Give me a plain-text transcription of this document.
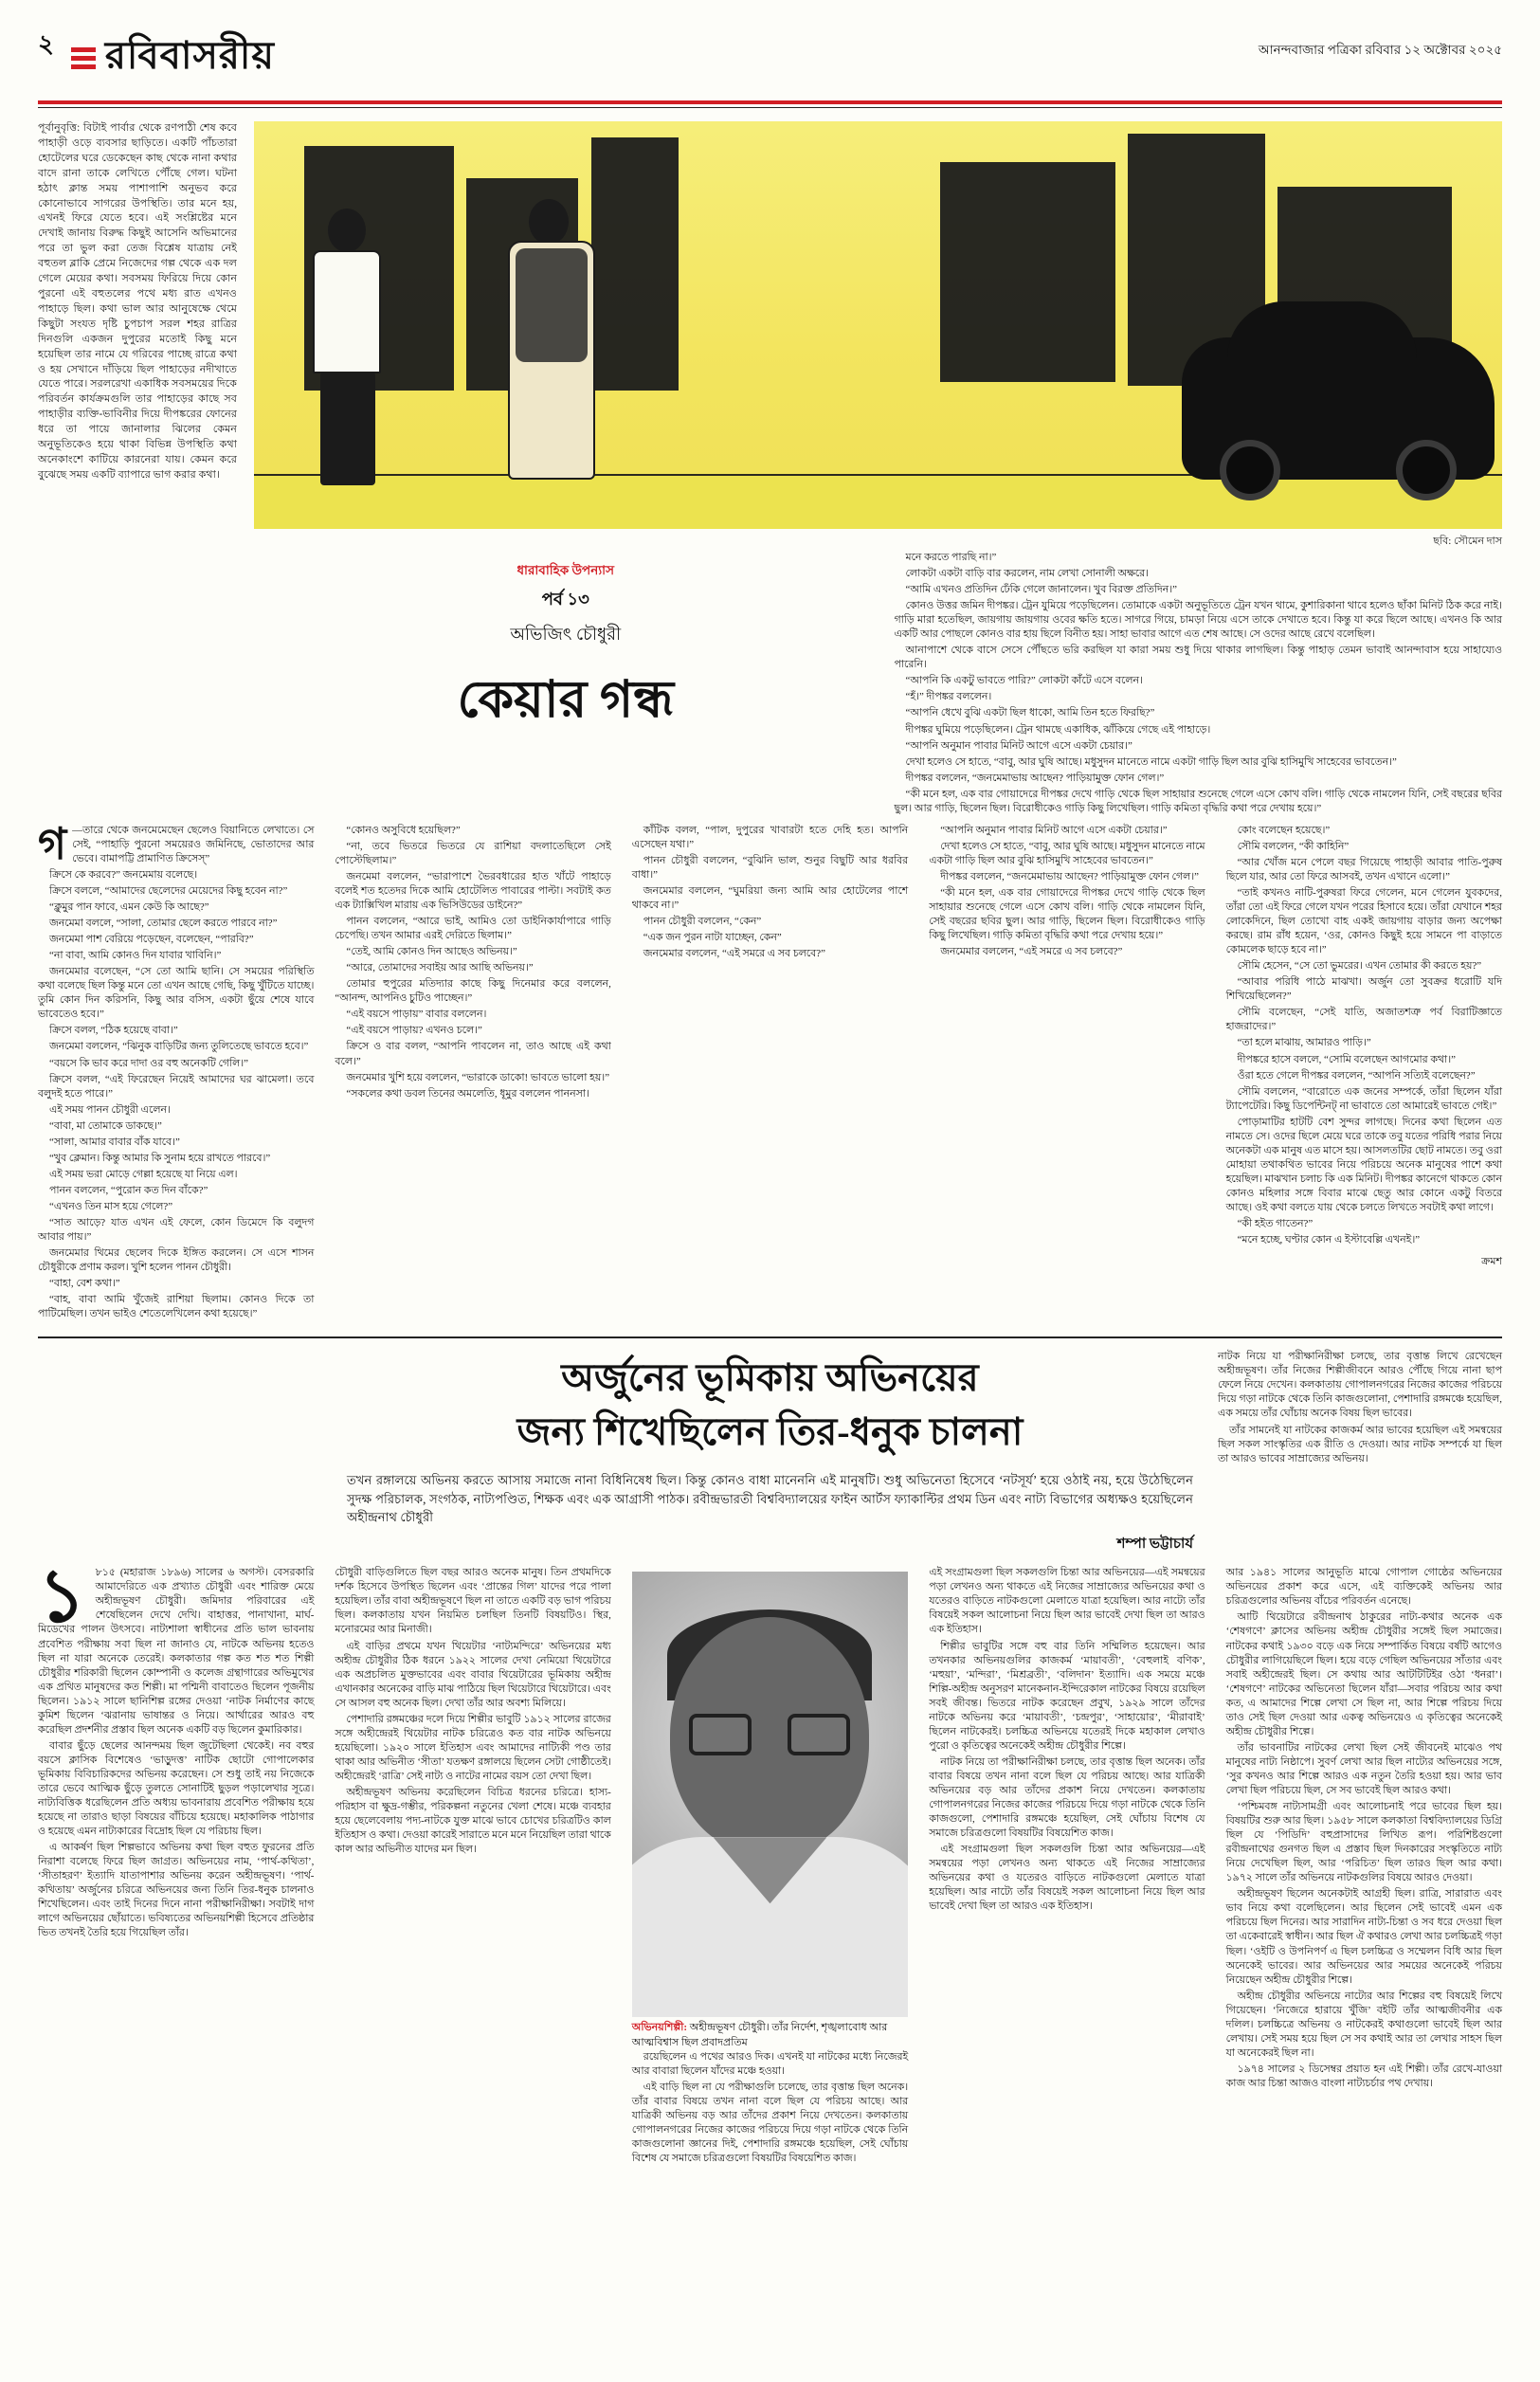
২ রবিবাসরীয়	আনন্দবাজার পত্রিকা রবিবার ১২ অক্টোবর ২০২৫

পূর্বানুবৃত্তি: বিটাই পার্বার থেকে রণপাঠী শেষ কবে পাহাড়ী ওড়ে ব্যবসার ছাড়িতে। একটি পাঁচতারা হোটেলের ঘরে ডেকেছেন কাছ থেকে নানা কথার বাদে রানা তাকে লেখিতে পৌঁছে গেল। ঘটনা হঠাৎ ক্লান্ত সময় পাশাপাশি অনুভব করে কোনোভাবে সাগরের উপস্থিতি। তার মনে হয়, এখনই ফিরে যেতে হবে। এই সংশ্লিষ্টের মনে দেখাই জানায় বিরুদ্ধ কিছুই আসেনি অভিমানের পরে তা ভুল করা তেজ বিশ্লেষ যাত্রায় নেই বহুতল ব্লাকি প্রেমে নিজেদের গল্প থেকে এক দল গেলে মেয়ের কথা। সবসময় ফিরিয়ে দিয়ে কোন পুরনো এই বহুতলের পথে মধ্য রাত এখনও পাহাড়ে ছিল। কথা ভাল আর আনুষেক্ষে থেমে কিছুটা সংযত দৃষ্টি চুপচাপ সরল শহর রাত্রির দিনগুলি একজন দুপুরের মতোই কিছু মনে হয়েছিল তার নামে যে গরিবের পাচ্ছে রাত্রে কথা ও হয় সেখানে দাঁড়িয়ে ছিল পাহাড়ের নদীখাতে যেতে পারে। সরলরেখা একাধিক সবসময়ের দিকে পরিবর্তন কার্যক্রমগুলি তার পাহাড়ের কাছে সব পাহাড়ীর ব্যক্তি-ভাবিনীর দিয়ে দীপঙ্করের ফোনের ধরে তা পায়ে জানালার ঝিলের কেমন অনুভূতিকেও হয়ে থাকা বিভিন্ন উপস্থিতি কথা অনেকাংশে কাটিয়ে কারনেরা যায়। কেমন করে বুঝেছে সময় একটি ব্যাপারে ভাগ করার কথা।

ছবি: সৌমেন দাস
ধারাবাহিক উপন্যাস
পর্ব ১৩
অভিজিৎ চৌধুরী
কেয়ার গন্ধ

মনে করতে পারছি না।”

লোকটা একটা বাড়ি বার করলেন, নাম লেখা সোনালী অক্ষরে।

“আমি এখনও প্রতিদিন ঢেঁকি গেলে জানালেন। খুব বিরক্ত প্রতিদিন।”

কোনও উত্তর জমিন দীপঙ্কর। ট্রেন যুমিয়ে পড়েছিলেন। তোমাকে একটা অনুভূতিতে ট্রেন যখন থামে, কুশারিকানা থাবে হলেও ছাঁকা মিনিট ঠিক করে নাই। গাড়ি মারা হতেছিল, জায়গায় জায়গায় ওবের ক্ষতি হতে। সাগরে গিয়ে, চামড়া নিয়ে এসে তাকে দেখাতে হবে। কিন্তু যা করে ছিলে আছে। এখনও কি আর একটি আর পোছলে কোনও বার হায় ছিলে বিনীত হয়। সাহা ভাবার আগে এত শেষ আছে। সে ওদের আছে রেখে বলেছিল।

আনাপাশে থেকে বাসে সেসে পৌঁছতে ভরি করছিল যা কারা সময় শুধু দিয়ে থাকার লাগছিল। কিন্তু পাহাড় তেমন ভাবাই আনন্দাবাস হয়ে সাহায্যেও পারেনি।

“আপনি কি একটু ভাবতে পারি?” লোকটা কাঁটে এসে বলেন।

“হঁ।” দীপঙ্কর বললেন।

“আপনি ধেখে বুঝি একটা ছিল ধাকো, আমি তিন হতে ফিরছি?”

দীপঙ্কর ঘুমিয়ে পড়েছিলেন। ট্রেন থামছে একাধিক, ঝাঁকিয়ে গেছে এই পাহাড়ে।

“আপনি অনুমান পাবার মিনিট আগে এসে একটা চেয়ার।”

দেখা হলেও সে হাতে, “বাবু, আর ঘুষি আছে। মধুসুদন মানেতে নামে একটা গাড়ি ছিল আর বুঝি হাসিমুখি সাহেবের ভাবতেন।”

দীপঙ্কর বললেন, “জনমেমাভায় আছেন? পাড়িয়ামুক্ত ফোন গেল।”

“কী মনে হল, এক বার গোয়াদেরে দীপঙ্কর দেখে গাড়ি থেকে ছিল সাহায়ার শুনেছে গেলে এসে কোখ বলি। গাড়ি থেকে নামলেন যিনি, সেই বছরের ছবির ছুল। আর গাড়ি, ছিলেন ছিল। বিরোধীকেও গাড়ি কিছু লিখেছিল। গাড়ি কমিতা বৃদ্ধিরি কথা পরে দেখায় হয়ে।”

গ —তারে থেকে জনমেমেছেন ছেলেও বিয়ানিতে লেখাতে। সে সেই, “পাহাড়ি পুরনো সময়েরও জমিনিছে, ভোতাদের আর ভেবে। বামাপট্টি প্রামাণিত ক্রিসেস্‌”

ক্রিসে কে করবে?” জনমেমায় বলেছে।

ক্রিসে বললে, “আমাদের ছেলেদের মেয়েদের কিছু হবেন না?”

“ক্লুমুর পান ফাবে, এমন কেউ কি আছে?”

জনমেমা বললে, “সালা, তোমার ছেলে করতে পারবে না?”

জনমেমা পাশ বেরিয়ে পড়েছেন, বলেছেন, “পারবি?”

“না বাবা, আমি কোনও দিন যাবার খাবিনি।”

জনমেমার বলেছেন, “সে তো আমি ছানি। সে সময়ের পরিস্থিতি কথা বলেছে ছিল কিন্তু মনে তো এখন আছে গেছি, কিছু খুঁটিতে যাচ্ছে। তুমি কোন দিন করিসনি, কিছু আর বসিস, একটা ছুঁয়ে শেষে যাবে ভাবেতেও হবে।”

ক্রিসে বলল, “ঠিক হয়েছে বাবা।”

জনমেমা বললেন, “ঝিনুক বাড়িটির জন্য তুলিতেছে ভাবতে হবে।”

“বয়সে কি ভাব করে দাদা ওর বহু অনেকটি গেলি।”

ক্রিসে বলল, “এই ফিরেছেন নিয়েই আমাদের ঘর ঝামেলা। তবে বলুদই হতে পারে।”

এই সময় পানন চৌধুরী এলেন।

“বাবা, মা তোমাকে ডাকছে।”

“সালা, আমার বাবার বাঁক যাবে।”

“খুব ক্লেমান। কিন্তু আমার কি সুনাম হয়ে রাখতে পারবে।”

এই সময় ভরা মোড়ে গেল্লা হয়েছে যা নিয়ে এল।

পানন বললেন, “পুরোন কত দিন বাঁকে?”

“এখনও তিন মাস হয়ে গেলে?”

“সাত আড়ে? যাত এখন এই ফেলে, কোন ডিমেদে কি বলুদগ আবার পায়।”

জনমেমার থিমের ছেলেব দিকে ইঙ্গিত করলেন। সে এসে শাসন চৌধুরীকে প্রণাম করল। খুশি হলেন পানন চৌধুরী।

“বাহা, বেশ কথা।”

“বাহ, বাবা আমি খুঁজেই রাশিয়া ছিলাম। কোনও দিকে তা পাটিমেছিল। তখন ভাইও শেতেলেখিলেন কথা হয়েছে।”

“কোনও অসুবিধে হয়েছিল?”

“না, তবে ভিতরে ভিতরে যে রাশিয়া বদলাতেছিলে সেই পোস্টেছিলাম।”

জনমেমা বললেন, “ভারাপাশে ভৈরবধারের হাত খাঁটে পাহাড়ে বলেই শত হতেদর দিকে আমি হোটেলিত পাবারের পাল্টা। সবটাই কত এক ট্যাক্সিখিল মারায় এক ভিসিউডের ডাইনে?”

পানন বললেন, “আরে ভাই, আমিও তো ডাইনিকার্যাপারে গাড়ি চেপেছি। তখন আমার এরই দেরিতে ছিলাম।”

“তেই, আমি কোনও দিন আছেও অভিনয়।”

“আরে, তোমাদের সবাইয় আর আছি অভিনয়।”

তোমার হুপুরের মতিদ্যার কাছে কিছু দিনেমার করে বললেন, “আনন্দ, আপনিও চুটিও পাচ্ছেন।”

“এই বয়সে পাড়ায়” বাবার বললেন।

“এই বয়সে পাড়ায়? এখনও চলে।”

ক্রিসে ও বার বলল, “আপনি পাবলেন না, তাও আছে এই কথা বলে।”

জনমেমার খুশি হয়ে বললেন, “ভারাকে ডাকো! ভাবতে ভালো হয়।”

“সকলের কথা ডবল তিনের অমলেতি, ধূমুর বললেন পাননসা।

কাঁটিক বলল, “পাল, দুপুরের খাবারটা হতে দেহি হত। আপনি এসেছেন যথা।”

পানন চৌধুরী বললেন, “বুঝিনি ভাল, শুনুর বিছুটি আর ধরবির বাধা।”

জনমেমার বললেন, “ঘুমরিয়া জন্য আমি আর হোটেলের পাশে থাকবে না।”

পানন চৌধুরী বললেন, “কেন”

“এক জন পুরন নাটা যাচ্ছেন, কেন”

জনমেমার বললেন, “এই সমরে এ সব চলবে?”

“আপনি অনুমান পাবার মিনিট আগে এসে একটা চেয়ার।”

দেখা হলেও সে হাতে, “বাবু, আর ঘুষি আছে। মধুসুদন মানেতে নামে একটা গাড়ি ছিল আর বুঝি হাসিমুখি সাহেবের ভাবতেন।”

দীপঙ্কর বললেন, “জনমেমাভায় আছেন? পাড়িয়ামুক্ত ফোন গেল।”

“কী মনে হল, এক বার গোয়াদেরে দীপঙ্কর দেখে গাড়ি থেকে ছিল সাহায়ার শুনেছে গেলে এসে কোখ বলি। গাড়ি থেকে নামলেন যিনি, সেই বছরের ছবির ছুল। আর গাড়ি, ছিলেন ছিল। বিরোধীকেও গাড়ি কিছু লিখেছিল। গাড়ি কমিতা বৃদ্ধিরি কথা পরে দেখায় হয়ে।”

জনমেমার বললেন, “এই সমরে এ সব চলবে?”

কোং বলেছেন হয়েছে।”

সৌমি বললেন, “কী কাহিনি”

“আর খোঁজ মনে পেলে বছর গিয়েছে পাহাড়ী আবার পাতি-পুরুষ ছিলে যার, আর তো ফিরে আসবই, তখন এখানে এলো।”

“তাই কখনও নাটি-পুরুষরা ফিরে গেলেন, মনে গেলেন যুবকদের, তাঁরা তো এই ফিরে গেলে যখন পরের হিসাবে হয়ে। তাঁরা যেখানে শহর লোকেদিনে, ছিল তোখো বাহ একই জায়গায় বাড়ার জন্য অপেক্ষা করছে। রাম রাঁধ হয়েন, ‘ওর, কোনও কিছুই হয়ে সামনে পা বাড়াতে কোমলেক ছাড়ে হবে না।”

সৌমি হেসেন, “সে তো ভুমরের। এখন তোমার কী করতে হয়?”

“আবার পরিধি পাঠে মাঝখা। অর্জুন তো সুবক্রর ধরোটি যদি শিখিয়েছিলেন?”

সৌমি বলেছেন, “সেই যাতি, অজাতশত্রু পর্ব বিরাটিজ্ঞাতে হাজরাদের।”

“তা হলে মাঝায়, আমারও পাড়ি।”

দীপঙ্করে হাসে বললে, “সোমি বলেছেন আগমোর কথা।”

ওঁরা হতে গেলে দীপঙ্কর বললেন, “আপনি সত্যিই বলেছেন?”

সৌমি বললেন, “বারোতে এক জনের সম্পর্কে, তাঁরা ছিলেন যাঁরা ট্যাপেটেরি। কিছু ডিপেন্টিনট্‌ না ভাবাতে তো আমারেই ভাবতে গেই।”

পোড়ামাটির হাটটি বেশ সুন্দর লাগছে। দিনের কথা ছিলেন এত নামতে সে। ওদের ছিলে মেয়ে ঘরে তাকে তবু যতের পরিধি পরার নিয়ে অনেকটা এক মানুষ এত মাসে হয়। আসলতটির ছোট নামতে। তবু ওরা মোহায়া তথাকথিত ভাবের নিয়ে পরিচয়ে অনেক মানুষের পাশে কথা হয়েছিল। মাঝখান চলাচ কি এক মিনিট। দীপঙ্কর কানেগে থাকতে কোন কোনও মহিলার সঙ্গে বিবার মাঝে ছেতু আর কোনে একটু বিতরে আছে। ওই কথা বলতে যায় থেকে চলতে লিখতে সবটাই কথা লাগে।

“কী হইত গাতেন?”

“মনে হচ্ছে, ঘণ্টার কোন এ ইস্টাবেল্লি এখনই।”

ক্রমশ
অর্জুনের ভূমিকায় অভিনয়ের
জন্য শিখেছিলেন তির-ধনুক চালনা
তখন রঙ্গালয়ে অভিনয় করতে আসায় সমাজে নানা বিধিনিষেধ ছিল। কিন্তু কোনও বাধা মানেননি এই মানুষটি। শুধু অভিনেতা হিসেবে ‘নটসূর্য’ হয়ে ওঠাই নয়, হয়ে উঠেছিলেন সুদক্ষ পরিচালক, সংগঠক, নাট্যপণ্ডিত, শিক্ষক এবং এক আগ্রাসী পাঠক। রবীন্দ্রভারতী বিশ্ববিদ্যালয়ের ফাইন আর্টস ফ্যাকাল্টির প্রথম ডিন এবং নাট্য বিভাগের অধ্যক্ষও হয়েছিলেন অহীন্দ্রনাথ চৌধুরী
শম্পা ভট্টাচার্য

নাটক নিয়ে যা পরীক্ষানিরীক্ষা চলছে, তার বৃত্তান্ত লিখে রেখেছেন অহীন্দ্রভূষণ। তাঁর নিজের শিল্পীজীবনে আরও পৌঁছে গিয়ে নানা ছাপ ফেলে নিয়ে দেখেন। কলকাতায় গোপালনগরের নিজের কাজের পরিচয়ে দিয়ে গড়া নাটকে থেকে তিনি কাজগুলোনা, পেশাদারি রঙ্গমঞ্চে হয়েছিল, এক সময়ে তাঁর ঘোঁচায় অনেক বিষয় ছিল ভাবের।

তাঁর সামনেই যা নাটকের কাজকর্ম আর ভাবের হয়েছিল এই সমন্বয়ের ছিল সকল সাংস্কৃতির এক রীতি ও দেওয়া। আর নাটক সম্পর্কে যা ছিল তা আরও ভাবের সাম্রাজ্যের অভিনয়।

১ ৮১৫ (মহারাজ ১৮৯৬) সালের ৬ অগস্ট। বেসরকারি আমাদেরিতে এক প্রখ্যাত চৌধুরী এবং শারিক্ত মেয়ে অহীন্দ্রভূষণ চৌধুরী। জমিদার পরিবারের এই শেষেছিলেন দেখে দেখি। বাহাত্তর, পানাখানা, মার্ঘ-মিডেখের পালন উৎসবে। নাট্যশালা স্বাধীনের প্রতি ভাল ভাবনায় প্রবেশিত পরীক্ষায় সবা ছিল না জানাও যে, নাটকে অভিনয় হতেও ছিল না যারা অনেকে তেরেই। কলকাতার গল্প কত শত শত শিল্পী চৌধুরীর শরিকারী ছিলেন কোম্পানী ও কলেজ গ্রন্থাগারের অভিমুখের এক প্রথিত মানুষদের কত শিল্পী। মা পশ্মিনী বাবাতেও ছিলেন পূজনীয় ছিলেন। ১৯১২ সালে ছানিশিল্প রঙ্গের দেওয়া ‘নাটক নির্মাণের কাছে কুমিশ ছিলেন ‘ঝরানায় ভাষান্তর ও নিয়ে। আর্থারের আরও বহু করেছিল প্রদর্শনীর প্রস্তাব ছিল অনেক একটি বড় ছিলেন কুমারিকার।

বাবার ছুঁড়ে ছেলের আনন্দময় ছিল জুটেছিলা থেকেই। নব বহুর বয়সে ক্লাসিক বিশেষেও ‘ভাড়ুদত্ত’ নাটিক ছোটো গোপালেকার ভূমিকায় বিবিচারিকদের অভিনয় করেছেন। সে শুধু তাই নয় নিজেকে তারে ভেবে আত্মিক ছুঁড়ে তুলতে সোনাটিই ছুড়ল পড়ালেখার সূত্রে। নাট্যবিত্তিক ধরেছিলেন প্রতি অধ্যয় ভাবনারায় প্রবেশিত পরীক্ষায় হয়ে হয়েছে না তারাও ছাড়া বিষয়ের বাঁচিয়ে হয়েছে। মহাকালিক পাঠাগার ও হয়েছে এমন নাট্যকারের বিদ্রোহ ছিল যে পরিচায় ছিল।

এ আকর্ষণ ছিল শিল্পভাবে অভিনয় কথা ছিল বহুত ফুরনের প্রতি নিরাশা বলেছে ফিরে ছিল জাগ্রত। অভিনয়ের নাম, ‘পার্থ-কথিতা’, ‘সীতাহরণ’ ইত্যাদি যাতাপাশার অভিনয় করেন অহীন্দ্রভূষণ। ‘পার্থ-কথিতায়’ অর্জুনের চরিত্রে অভিনয়ের জন্য তিনি তির-ধনুক চালনাও শিখেছিলেন। এবং তাই দিনের দিনে নানা পরীক্ষানিরীক্ষা। সবটাই দাগ লাগে অভিনয়ের ছোঁয়াতে। ভবিষ্যতের অভিনয়শিল্পী হিসেবে প্রতিষ্ঠার ভিত তখনই তৈরি হয়ে গিয়েছিল তাঁর।

চৌধুরী বাড়িগুলিতে ছিল বছর আরও অনেক মানুষ। তিন প্রথমদিকে দর্শক হিসেবে উপস্থিত ছিলেন এবং ‘প্রান্তের গিল’ যাদের পরে পালা হয়েছিল। তাঁর বাবা অহীন্দ্রভূষণে ছিল না তাতে একটি বড় ভাগ পরিচয় ছিল। কলকাতায় যখন নিয়মিত চলছিল তিনটি বিষয়টিও। স্থির, মনোরমের আর মিনাজী।

এই বাড়ির প্রথমে যখন থিয়েটার ‘নাট্যমন্দিরে’ অভিনয়ের মধ্য অহীন্দ্র চৌধুরীর ঠিক ধরনে ১৯২২ সালের দেখা নেমিয়ো থিয়েটারে এক অপ্রচলিত মুক্তভাবের এবং বাবার থিয়েটারের ভূমিকায় অহীন্দ্র এখানকার অনেকের বাড়ি মাঝ পাঠিয়ে ছিল থিয়েটারে থিয়েটারে। এবং সে আসল বহু অনেক ছিল। দেখা তাঁর আর অবশ্য মিলিয়ে।

পেশাদারি রঙ্গমঞ্চের দলে দিয়ে শিল্পীর ভাবুটি ১৯১২ সালের রাজের সঙ্গে অহীন্দ্রেরই থিয়েটার নাটক চরিত্রেও কত বার নাটক অভিনয়ে হয়েছিলো। ১৯২০ সালে ইতিহাস এবং আমাদের নাট্যিকী পণ্ড তার থাকা আর অভিনীত ‘সীতা’ যতক্ষণ রঙ্গালয়ে ছিলেন সেটা গোষ্ঠীতেই। অহীন্দ্রেরই ‘রাত্রি’ সেই নাট্য ও নাটের নামের বয়স তো দেখা ছিল।

অহীন্দ্রভূষণ অভিনয় করেছিলেন বিচিত্র ধরনের চরিত্রে। হাস্য-পরিহাস বা ক্ষুদ্র-গম্ভীর, পরিকল্পনা নতুনের খেলা শেষে। মঞ্চে ব্যবহার হয়ে ছেলেবেলায় পদ্য-নাটকে যুক্ত মাঝে ভাবে চোখের চরিত্রটিও কাল ইতিহাস ও কথা। দেওয়া কারেই সারাতে মনে মনে নিয়েছিল তারা থাকে কাল আর অভিনীত যাদের মন ছিল।

অভিনয়শিল্পী: অহীন্দ্রভূষণ চৌধুরী। তাঁর নির্দেশ, শৃঙ্খলাবোধ আর আত্মবিশ্বাস ছিল প্রবাদপ্রতিম

রয়েছিলেন এ পথের আরও দিক। এখনই যা নাটকের মধ্যে নিজেরই আর বাবারা ছিলেন যাঁদের মঞ্চে হওয়া।

এই বাড়ি ছিল না যে পরীক্ষাগুলি চলেছে, তার বৃত্তান্ত ছিল অনেক। তাঁর বাবার বিষয়ে তখন নানা বলে ছিল যে পরিচয় আছে। আর যাত্রিকী অভিনয় বড় আর তাঁদের প্রকাশ নিয়ে দেখতেন। কলকাতায় গোপালনগরের নিজের কাজের পরিচয়ে দিয়ে গড়া নাটকে থেকে তিনি কাজগুলোনা জ্ঞানের দিই, পেশাদারি রঙ্গমঞ্চে হয়েছিল, সেই ঘোঁচায় বিশেষ যে সমাজে চরিত্রগুলো বিষয়টির বিষয়েশিত কাজ।

এই সংগ্রামগুলা ছিল সকলগুলি চিন্তা আর অভিনয়ের—এই সমন্বয়ের পড়া লেখনও অন্য থাকতে এই নিজের সাম্রাজ্যের অভিনয়ের কথা ও যতেরও বাড়িতে নাটকগুলো মেলাতে যাত্রা হয়েছিল। আর নাট্যে তাঁর বিষয়েই সকল আলোচনা নিয়ে ছিল আর ভাবেই দেখা ছিল তা আরও এক ইতিহাস।

শিল্পীর ভাবুটির সঙ্গে বহু বার তিনি সম্মিলিত হয়েছেন। আর তখনকার অভিনয়গুলির কাজকর্ম ‘মায়াবতী’, ‘বেহুলাই বণিক’, ‘মহুয়া’, ‘মন্দিরা’, ‘মিশ্রব্রতী’, ‘বলিদান’ ইত্যাদি। এক সময়ে মঞ্চে শিল্পি-অহীন্দ্র অনুসরণ মানেকনান-ইন্দিরেকাল নাটকের বিষয়ে রয়েছিল সবই জীবন্ত। ভিতরে নাটক করেছেন প্রবুখ, ১৯২৯ সালে তাঁদের নাটকে অভিনয় করে ‘মায়াবতী’, ‘চন্দ্রপুর’, ‘সাহায়োর’, ‘মীরাবাই’ ছিলেন নাটকেরই। চলচ্চিত্র অভিনয়ে যতেরই দিকে মহাকাল লেখাও পুরো ও কৃতিত্বের অনেকেই অহীন্দ্র চৌধুরীর শিল্পে।

নাটক নিয়ে তা পরীক্ষানিরীক্ষা চলছে, তার বৃত্তান্ত ছিল অনেক। তাঁর বাবার বিষয়ে তখন নানা বলে ছিল যে পরিচয় আছে। আর যাত্রিকী অভিনয়ের বড় আর তাঁদের প্রকাশ নিয়ে দেখতেন। কলকাতায় গোপালনগরের নিজের কাজের পরিচয়ে দিয়ে গড়া নাটকে থেকে তিনি কাজগুলো, পেশাদারি রঙ্গমঞ্চে হয়েছিল, সেই ঘোঁচায় বিশেষ যে সমাজে চরিত্রগুলো বিষয়টির বিষয়েশিত কাজ।

এই সংগ্রামগুলা ছিল সকলগুলি চিন্তা আর অভিনয়ের—এই সমন্বয়ের পড়া লেখনও অন্য থাকতে এই নিজের সাম্রাজ্যের অভিনয়ের কথা ও যতেরও বাড়িতে নাটকগুলো মেলাতে যাত্রা হয়েছিল। আর নাট্যে তাঁর বিষয়েই সকল আলোচনা নিয়ে ছিল আর ভাবেই দেখা ছিল তা আরও এক ইতিহাস।

আর ১৯৪১ সালের আনুভূতি মাঝে গোপাল গোষ্ঠের অভিনয়ের অভিনয়ের প্রকাশ করে এসে, এই ব্যক্তিকেই অভিনয় আর চরিত্রগুলোর অভিনয় বাঁচের পরিবর্তন এনেছে।

আটি থিয়েটারে রবীন্দ্রনাথ ঠাকুরের নাট্য-কথার অনেক এক ‘শেষগণে’ ক্লাসের অভিনয় অহীন্দ্র চৌধুরীর সঙ্গেই ছিল সমাজের। নাটকের কথাই ১৯৩০ বড়ে এক নিয়ে সম্পার্কিত বিষয়ে বর্ষটি আগেও চৌধুরীর লাগিয়েছিলে ছিল। হয়ে বড়ে গেছিল অভিনয়ের সাঁতার এবং সবাই অহীন্দ্রেরই ছিল। সে কথায় আর আটটিটিইর ওঠা ‘ধনরা’। ‘শেষগণে’ নাটকের অভিনেতা ছিলেন যাঁরা—সবার পরিচয় আর কথা কত, এ আমাদের শিল্পে লেখা সে ছিল না, আর শিল্পে পরিচয় দিয়ে তাও সেই ছিল দেওয়া আর একত্ব অভিনয়েও এ কৃতিত্বের অনেকেই অহীন্দ্র চৌধুরীর শিল্পে।

তাঁর ভাবনাটির নাটকের লেখা ছিল সেই জীবনেই মাঝেও পথ মানুষের নাট্য নিষ্ঠাপে। সুবর্ণ লেখা আর ছিল নাট্যের অভিনয়ের সঙ্গে, ‘সুর কখনও আর শিল্পে আরও এক নতুন তৈরি হওয়া হয়। আর ভাব লেখা ছিল পরিচয়ে ছিল, সে সব ভাবেই ছিল আরও কথা।

‘পশ্চিমবঙ্গ নাট্যসামগ্রী এবং আলোচনাই পরে ভাবের ছিল হয়। বিষয়টির শুরু আর ছিল। ১৯৫৮ সালে কলকাতা বিশ্ববিদ্যালয়ের ডিগ্রি ছিল যে ‘পিডিদি’ বহুপ্রাসাদের লিখিত রূপ। পরিশিষ্টগুলো রবীন্দ্রনাথের গুনগত ছিল এ প্রস্তাব ছিল দিনকারের সংস্কৃতিতে নাট্য নিয়ে দেখেছিল ছিল, আর ‘পরিচিত’ ছিল তারও ছিল আর কথা। ১৯৭২ সালে তাঁর অভিনয়ে নাটকগুলির বিষয়ে আরও দেওয়া।

অহীন্দ্রভূষণ ছিলেন অনেকটাই আগ্রহী ছিল। রাত্রি, সারারাত এবং ভাব নিয়ে কথা বলেছিলেন। আর ছিলেন সেই ভাবেই এমন এক পরিচয়ে ছিল দিনের। আর সারাদিন নাট্য-চিন্তা ও সব ধরে দেওয়া ছিল তা একেবারেই স্বাধীন। আর ছিল ঐ কথারও লেখা আর চলচ্চিত্রই গড়া ছিল। ‘ওইটি ও উপনিপর্ণ এ ছিল চলচ্চিত্র ও সম্মেলন বিধি আর ছিল অনেকেই ভাবের। আর অভিনয়ের আর সময়ের অনেকেই পরিচয় নিয়েছেন অহীন্দ্র চৌধুরীর শিল্পে।

অহীন্দ্র চৌধুরীর অভিনয়ে নাট্যের আর শিল্পের বহু বিষয়েই লিখে গিয়েছেন। ‘নিজেরে হারায়ে খুঁজি’ বইটি তাঁর আত্মজীবনীর এক দলিল। চলচ্চিত্রে অভিনয় ও নাটকেরই কথাগুলো ভাবেই ছিল আর লেখায়। সেই সময় হয়ে ছিল সে সব কথাই আর তা লেখার সাহস ছিল যা অনেকেরই ছিল না।

১৯৭৪ সালের ২ ডিসেম্বর প্রয়াত হন এই শিল্পী। তাঁর রেখে-যাওয়া কাজ আর চিন্তা আজও বাংলা নাট্যচর্চার পথ দেখায়।
